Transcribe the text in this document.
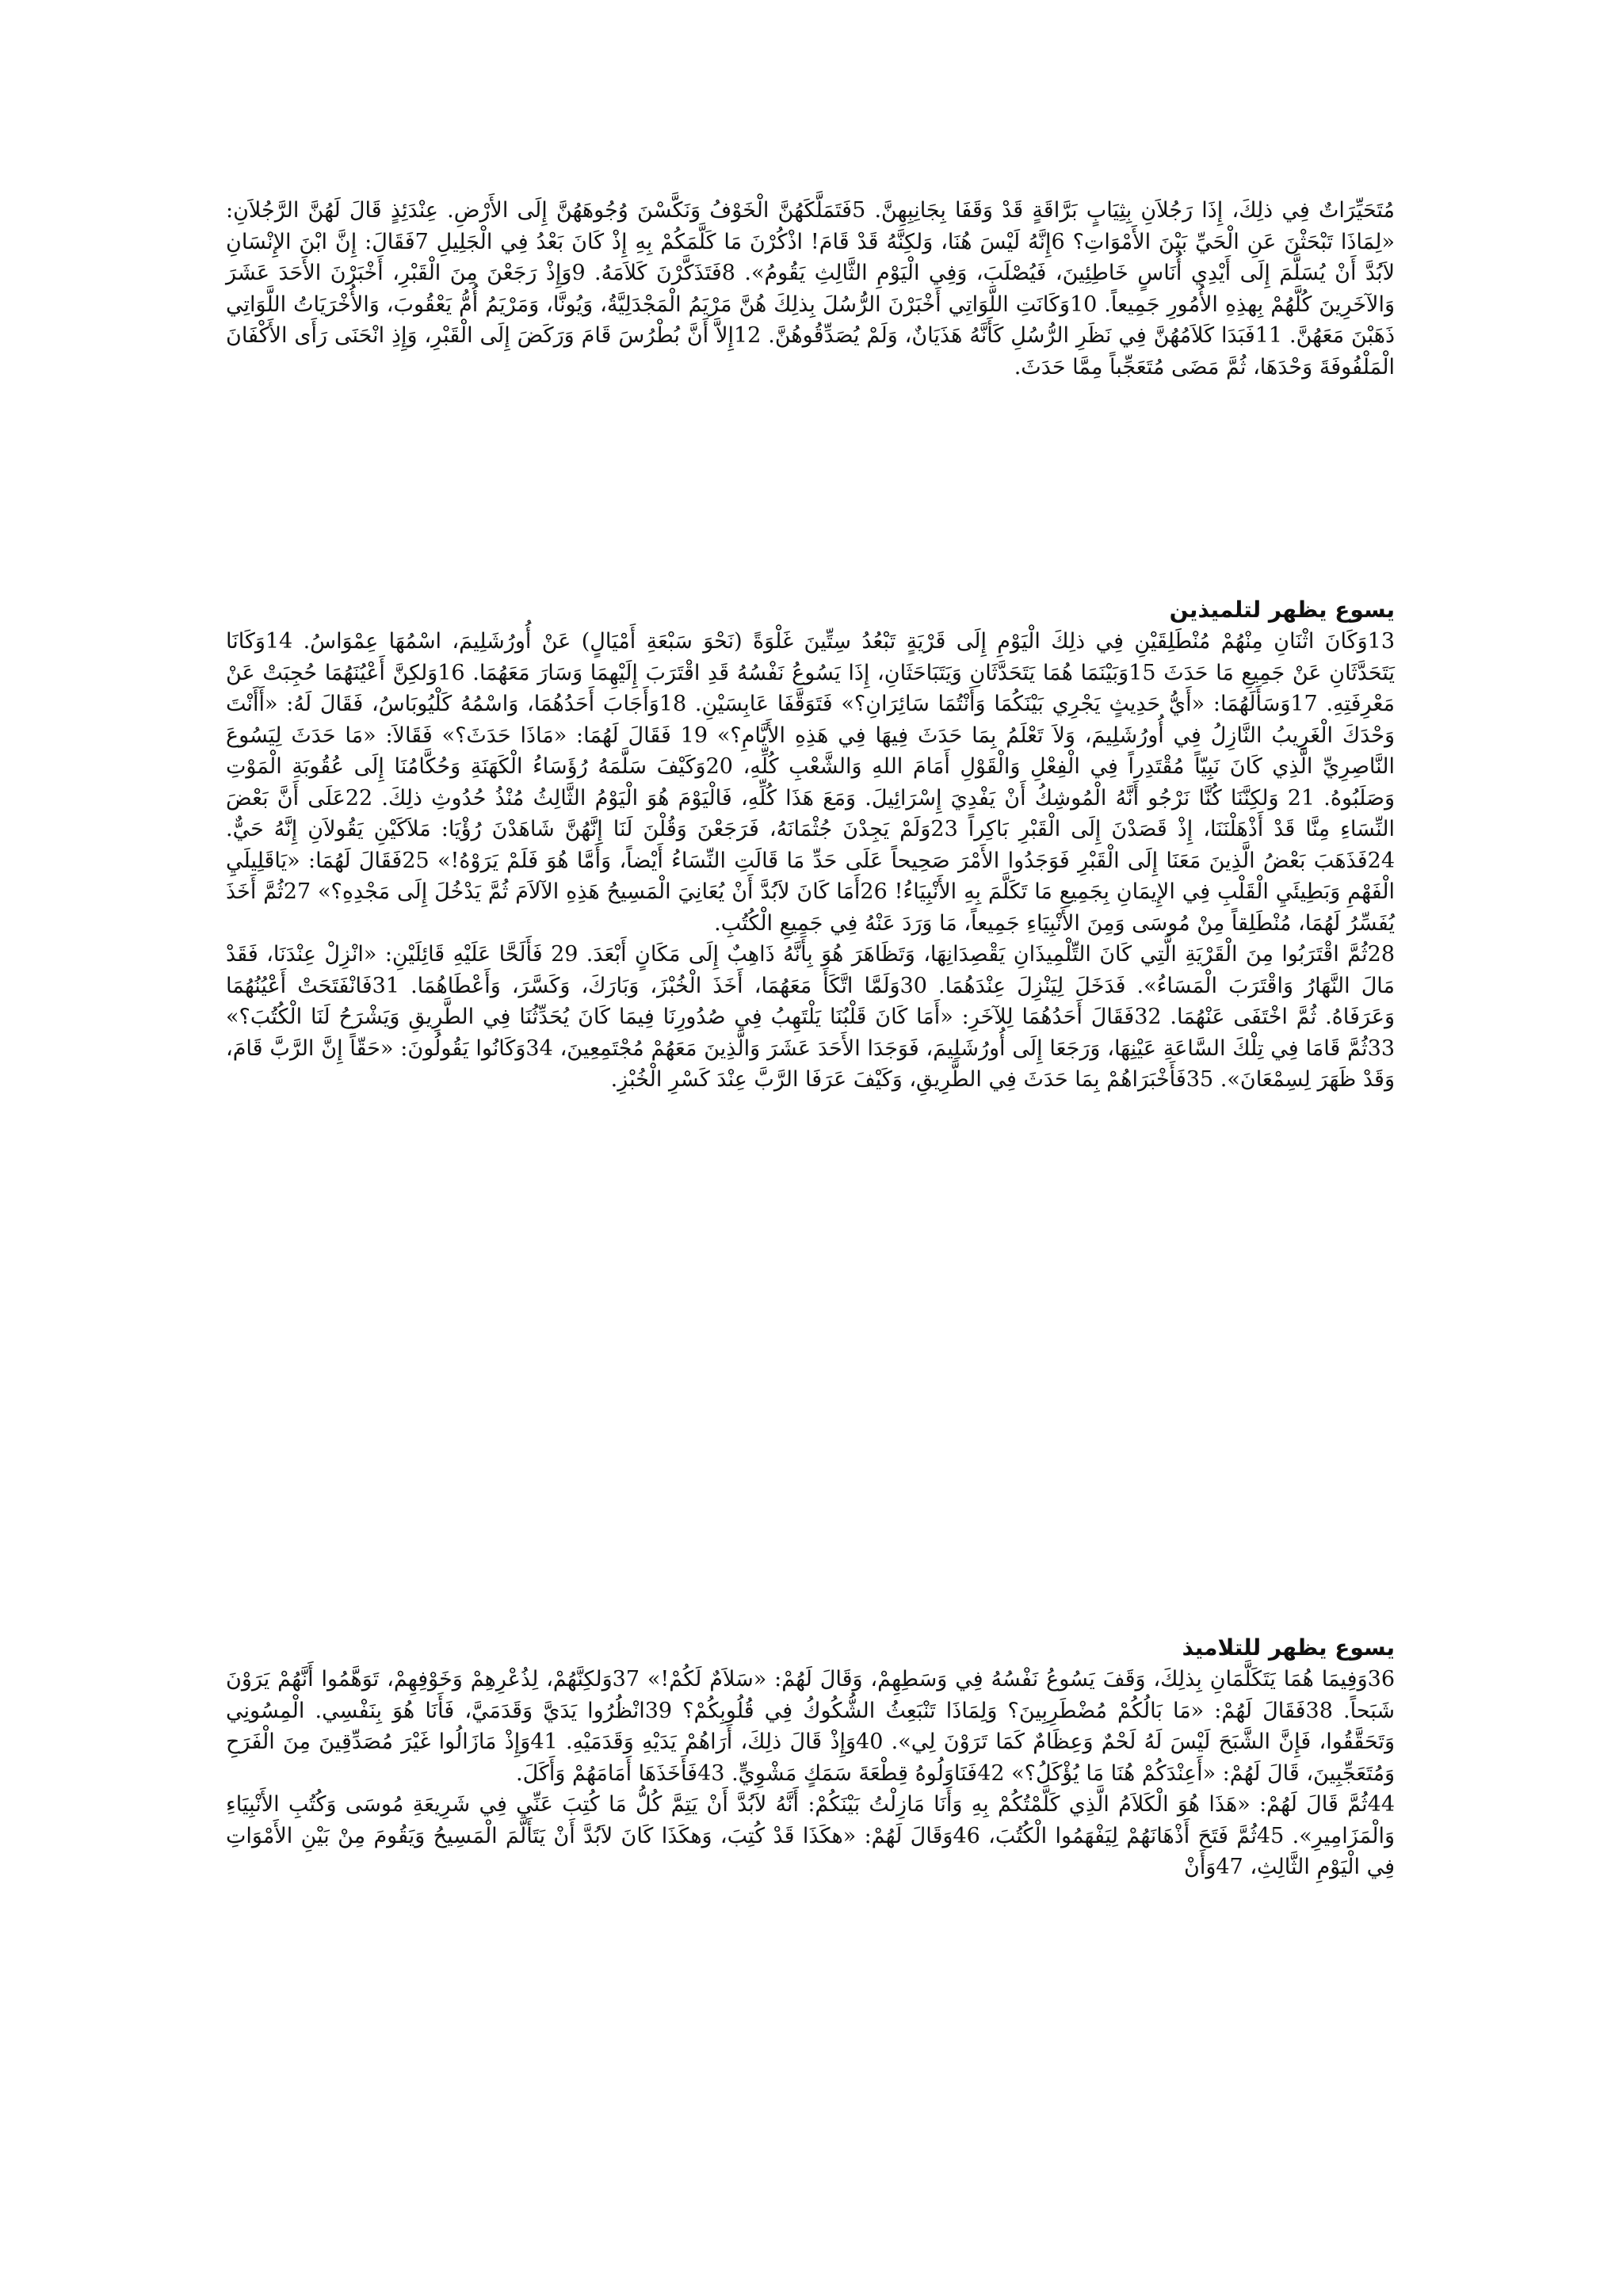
مُتَحَيِّرَاتٌ فِي ذلِكَ، إِذَا رَجُلاَنِ بِثِيَابٍ بَرَّاقَةٍ قَدْ وَقَفَا بِجَانِبِهِنَّ. 5فَتَمَلَّكَهُنَّ الْخَوْفُ وَنَكَّسْنَ وُجُوهَهُنَّ إِلَى الأَرْضِ. عِنْدَئِذٍ قَالَ لَهُنَّ الرَّجُلاَنِ: «لِمَاذَا تَبْحَثْنَ عَنِ الْحَيِّ بَيْنَ الأَمْوَاتِ؟ 6إِنَّهُ لَيْسَ هُنَا، وَلكِنَّهُ قَدْ قَامَ! اذْكُرْنَ مَا كَلَّمَكُمْ بِهِ إِذْ كَانَ بَعْدُ فِي الْجَلِيلِ 7فَقَالَ: إِنَّ ابْنَ الإِنْسَانِ لاَبُدَّ أَنْ يُسَلَّمَ إِلَى أَيْدِي أُنَاسٍ خَاطِئِينَ، فَيُصْلَبَ، وَفِي الْيَوْمِ الثَّالِثِ يَقُومُ». 8فَتَذَكَّرْنَ كَلاَمَهُ. 9وَإِذْ رَجَعْنَ مِنَ الْقَبْرِ، أَخْبَرْنَ الأَحَدَ عَشَرَ وَالآخَرِينَ كُلَّهُمْ بِهذِهِ الأُمُورِ جَمِيعاً. 10وَكَانَتِ اللَّوَاتِي أَخْبَرْنَ الرُّسُلَ بِذلِكَ هُنَّ مَرْيَمُ الْمَجْدَلِيَّةُ، وَيُونَّا، وَمَرْيَمُ أُمُّ يَعْقُوبَ، وَالأُخْرَيَاتُ اللَّوَاتِي ذَهَبْنَ مَعَهُنَّ. 11فَبَدَا كَلاَمُهُنَّ فِي نَظَرِ الرُّسُلِ كَأَنَّهُ هَذَيَانٌ، وَلَمْ يُصَدِّقُوهُنَّ. 12إِلاَّ أَنَّ بُطْرُسَ قَامَ وَرَكَضَ إِلَى الْقَبْرِ، وَإِذِ انْحَنَى رَأَى الأَكْفَانَ الْمَلْفُوفَةَ وَحْدَهَا، ثُمَّ مَضَى مُتَعَجِّباً مِمَّا حَدَثَ.

يسوع يظهر لتلميذين

13وَكَانَ اثْنَانِ مِنْهُمْ مُنْطَلِقَيْنِ فِي ذلِكَ الْيَوْمِ إِلَى قَرْيَةٍ تَبْعُدُ سِتِّينَ غَلْوَةً (نَحْوَ سَبْعَةِ أَمْيَالٍ) عَنْ أُورُشَلِيمَ، اسْمُهَا عِمْوَاسُ. 14وَكَانَا يَتَحَدَّثَانِ عَنْ جَمِيعِ مَا حَدَثَ 15وَبَيْنَمَا هُمَا يَتَحَدَّثَانِ وَيَتَبَاحَثَانِ، إِذَا يَسُوعُ نَفْسُهُ قَدِ اقْتَرَبَ إِلَيْهِمَا وَسَارَ مَعَهُمَا. 16وَلكِنَّ أَعْيُنَهُمَا حُجِبَتْ عَنْ مَعْرِفَتِهِ. 17وَسَأَلَهُمَا: «أَيُّ حَدِيثٍ يَجْرِي بَيْنَكُمَا وَأَنْتُمَا سَائِرَانِ؟» فَتَوَقَّفَا عَابِسَيْنِ. 18وَأَجَابَ أَحَدُهُمَا، وَاسْمُهُ كَلْيُوبَاسُ، فَقَالَ لَهُ: «أَأَنْتَ وَحْدَكَ الْغَرِيبُ النَّازِلُ فِي أُورُشَلِيمَ، وَلاَ تَعْلَمُ بِمَا حَدَثَ فِيهَا فِي هَذِهِ الأَيَّامِ؟» 19 فَقَالَ لَهُمَا: «مَاذَا حَدَثَ؟» فَقَالاَ: «مَا حَدَثَ لِيَسُوعَ النَّاصِرِيِّ الَّذِي كَانَ نَبِيّاً مُقْتَدِراً فِي الْفِعْلِ وَالْقَوْلِ أَمَامَ اللهِ وَالشَّعْبِ كُلِّهِ، 20وَكَيْفَ سَلَّمَهُ رُؤَسَاءُ الْكَهَنَةِ وَحُكَّامُنَا إِلَى عُقُوبَةِ الْمَوْتِ وَصَلَبُوهُ. 21 وَلكِنَّنَا كُنَّا نَرْجُو أَنَّهُ الْمُوشِكُ أَنْ يَفْدِيَ إِسْرَائِيلَ. وَمَعَ هَذَا كُلِّهِ، فَالْيَوْمَ هُوَ الْيَوْمُ الثَّالِثُ مُنْذُ حُدُوثِ ذلِكَ. 22عَلَى أَنَّ بَعْضَ النِّسَاءِ مِنَّا قَدْ أَذْهَلْنَنَا، إِذْ قَصَدْنَ إِلَى الْقَبْرِ بَاكِراً 23وَلَمْ يَجِدْنَ جُثْمَانَهُ، فَرَجَعْنَ وَقُلْنَ لَنَا إِنَّهُنَّ شَاهَدْنَ رُؤْيَا: مَلاَكَيْنِ يَقُولاَنِ إِنَّهُ حَيٌّ. 24فَذَهَبَ بَعْضُ الَّذِينَ مَعَنَا إِلَى الْقَبْرِ فَوَجَدُوا الأَمْرَ صَحِيحاً عَلَى حَدِّ مَا قَالَتِ النِّسَاءُ أَيْضاً، وَأَمَّا هُوَ فَلَمْ يَرَوْهُ!» 25فَقَالَ لَهُمَا: «يَاقَلِيلَيِ الْفَهْمِ وَبَطِيئَيِ الْقَلْبِ فِي الإِيمَانِ بِجَمِيعِ مَا تَكَلَّمَ بِهِ الأَنْبِيَاءُ! 26أَمَا كَانَ لاَبُدَّ أَنْ يُعَانِيَ الْمَسِيحُ هَذِهِ الآلاَمَ ثُمَّ يَدْخُلَ إِلَى مَجْدِهِ؟» 27ثُمَّ أَخَذَ يُفَسِّرُ لَهُمَا، مُنْطَلِقاً مِنْ مُوسَى وَمِنَ الأَنْبِيَاءِ جَمِيعاً، مَا وَرَدَ عَنْهُ فِي جَمِيعِ الْكُتُبِ.

28ثُمَّ اقْتَرَبُوا مِنَ الْقَرْيَةِ الَّتِي كَانَ التِّلْمِيذَانِ يَقْصِدَانِهَا، وَتَظَاهَرَ هُوَ بِأَنَّهُ ذَاهِبٌ إِلَى مَكَانٍ أَبْعَدَ. 29 فَأَلَحَّا عَلَيْهِ قَائِلَيْنِ: «انْزِلْ عِنْدَنَا، فَقَدْ مَالَ النَّهَارُ وَاقْتَرَبَ الْمَسَاءُ». فَدَخَلَ لِيَنْزِلَ عِنْدَهُمَا. 30وَلَمَّا اتَّكَأَ مَعَهُمَا، أَخَذَ الْخُبْزَ، وَبَارَكَ، وَكَسَّرَ، وَأَعْطَاهُمَا. 31فَانْفَتَحَتْ أَعْيُنُهُمَا وَعَرَفَاهُ. ثُمَّ اخْتَفَى عَنْهُمَا. 32فَقَالَ أَحَدُهُمَا لِلآخَرِ: «أَمَا كَانَ قَلْبُنَا يَلْتَهِبُ فِي صُدُورِنَا فِيمَا كَانَ يُحَدِّثُنَا فِي الطَّرِيقِ وَيَشْرَحُ لَنَا الْكُتُبَ؟» 33ثُمَّ قَامَا فِي تِلْكَ السَّاعَةِ عَيْنِهَا، وَرَجَعَا إِلَى أُورُشَلِيمَ، فَوَجَدَا الأَحَدَ عَشَرَ وَالَّذِينَ مَعَهُمْ مُجْتَمِعِينَ، 34وَكَانُوا يَقُولُونَ: «حَقّاً إِنَّ الرَّبَّ قَامَ، وَقَدْ ظَهَرَ لِسِمْعَانَ». 35فَأَخْبَرَاهُمْ بِمَا حَدَثَ فِي الطَّرِيقِ، وَكَيْفَ عَرَفَا الرَّبَّ عِنْدَ كَسْرِ الْخُبْزِ.

يسوع يظهر للتلاميذ

36وَفِيمَا هُمَا يَتَكَلَّمَانِ بِذلِكَ، وَقَفَ يَسُوعُ نَفْسُهُ فِي وَسَطِهِمْ، وَقَالَ لَهُمْ: «سَلاَمٌ لَكُمْ!» 37وَلكِنَّهُمْ، لِذُعْرِهِمْ وَخَوْفِهِمْ، تَوَهَّمُوا أَنَّهُمْ يَرَوْنَ شَبَحاً. 38فَقَالَ لَهُمْ: «مَا بَالُكُمْ مُضْطَرِبِينَ؟ وَلِمَاذَا تَنْبَعِثُ الشُّكُوكُ فِي قُلُوبِكُمْ؟ 39انْظُرُوا يَدَيَّ وَقَدَمَيَّ، فَأَنَا هُوَ بِنَفْسِي. الْمِسُونِي وَتَحَقَّقُوا، فَإِنَّ الشَّبَحَ لَيْسَ لَهُ لَحْمٌ وَعِظَامٌ كَمَا تَرَوْنَ لِي». 40وَإِذْ قَالَ ذلِكَ، أَرَاهُمْ يَدَيْهِ وَقَدَمَيْهِ. 41وَإِذْ مَازَالُوا غَيْرَ مُصَدِّقِينَ مِنَ الْفَرَحِ وَمُتَعَجِّبِينَ، قَالَ لَهُمْ: «أَعِنْدَكُمْ هُنَا مَا يُؤْكَلُ؟» 42فَنَاوَلُوهُ قِطْعَةَ سَمَكٍ مَشْوِيٍّ. 43فَأَخَذَهَا أَمَامَهُمْ وَأَكَلَ.

44ثُمَّ قَالَ لَهُمْ: «هَذَا هُوَ الْكَلاَمُ الَّذِي كَلَّمْتُكُمْ بِهِ وَأَنَا مَازِلْتُ بَيْنَكُمْ: أَنَّهُ لاَبُدَّ أَنْ يَتِمَّ كُلُّ مَا كُتِبَ عَنِّي فِي شَرِيعَةِ مُوسَى وَكُتُبِ الأَنْبِيَاءِ وَالْمَزَامِيرِ». 45ثُمَّ فَتَحَ أَذْهَانَهُمْ لِيَفْهَمُوا الْكُتُبَ، 46وَقَالَ لَهُمْ: «هكَذَا قَدْ كُتِبَ، وَهكَذَا كَانَ لاَبُدَّ أَنْ يَتَأَلَّمَ الْمَسِيحُ وَيَقُومَ مِنْ بَيْنِ الأَمْوَاتِ فِي الْيَوْمِ الثَّالِثِ، 47وَأَنْ
